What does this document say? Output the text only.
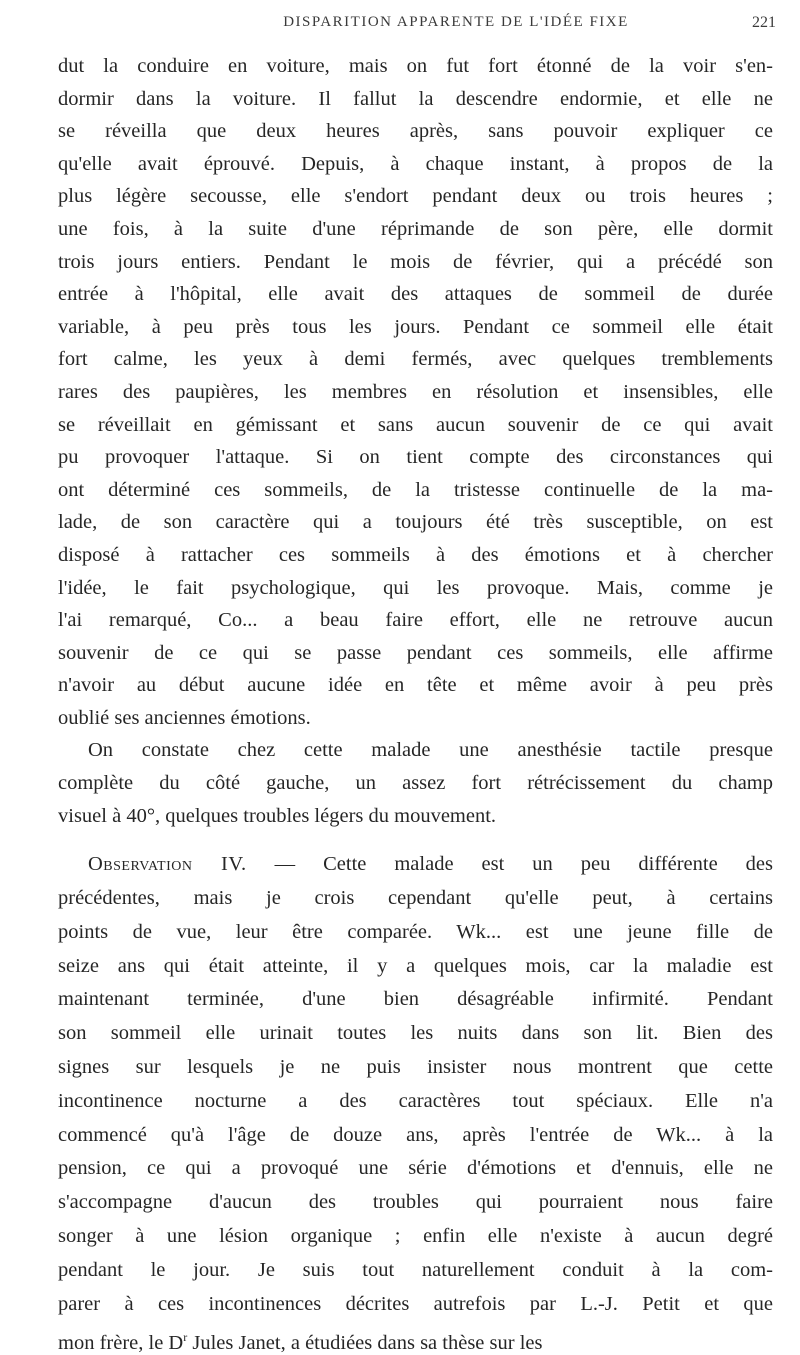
DISPARITION APPARENTE DE L'IDÉE FIXE	221
dut la conduire en voiture, mais on fut fort étonné de la voir s'en-
dormir dans la voiture. Il fallut la descendre endormie, et elle ne
se réveilla que deux heures après, sans pouvoir expliquer ce
qu'elle avait éprouvé. Depuis, à chaque instant, à propos de la
plus légère secousse, elle s'endort pendant deux ou trois heures ;
une fois, à la suite d'une réprimande de son père, elle dormit
trois jours entiers. Pendant le mois de février, qui a précédé son
entrée à l'hôpital, elle avait des attaques de sommeil de durée
variable, à peu près tous les jours. Pendant ce sommeil elle était
fort calme, les yeux à demi fermés, avec quelques tremblements
rares des paupières, les membres en résolution et insensibles, elle
se réveillait en gémissant et sans aucun souvenir de ce qui avait
pu provoquer l'attaque. Si on tient compte des circonstances qui
ont déterminé ces sommeils, de la tristesse continuelle de la ma-
lade, de son caractère qui a toujours été très susceptible, on est
disposé à rattacher ces sommeils à des émotions et à chercher
l'idée, le fait psychologique, qui les provoque. Mais, comme je
l'ai remarqué, Co... a beau faire effort, elle ne retrouve aucun
souvenir de ce qui se passe pendant ces sommeils, elle affirme
n'avoir au début aucune idée en tête et même avoir à peu près
oublié ses anciennes émotions.
On constate chez cette malade une anesthésie tactile presque
complète du côté gauche, un assez fort rétrécissement du champ
visuel à 40°, quelques troubles légers du mouvement.
Observation IV. — Cette malade est un peu différente des
précédentes, mais je crois cependant qu'elle peut, à certains
points de vue, leur être comparée. Wk... est une jeune fille de
seize ans qui était atteinte, il y a quelques mois, car la maladie est
maintenant terminée, d'une bien désagréable infirmité. Pendant
son sommeil elle urinait toutes les nuits dans son lit. Bien des
signes sur lesquels je ne puis insister nous montrent que cette
incontinence nocturne a des caractères tout spéciaux. Elle n'a
commencé qu'à l'âge de douze ans, après l'entrée de Wk... à la
pension, ce qui a provoqué une série d'émotions et d'ennuis, elle ne
s'accompagne d'aucun des troubles qui pourraient nous faire
songer à une lésion organique ; enfin elle n'existe à aucun degré
pendant le jour. Je suis tout naturellement conduit à la com-
parer à ces incontinences décrites autrefois par L.-J. Petit et que
mon frère, le $D^r$ Jules Janet, a étudiées dans sa thèse sur les
